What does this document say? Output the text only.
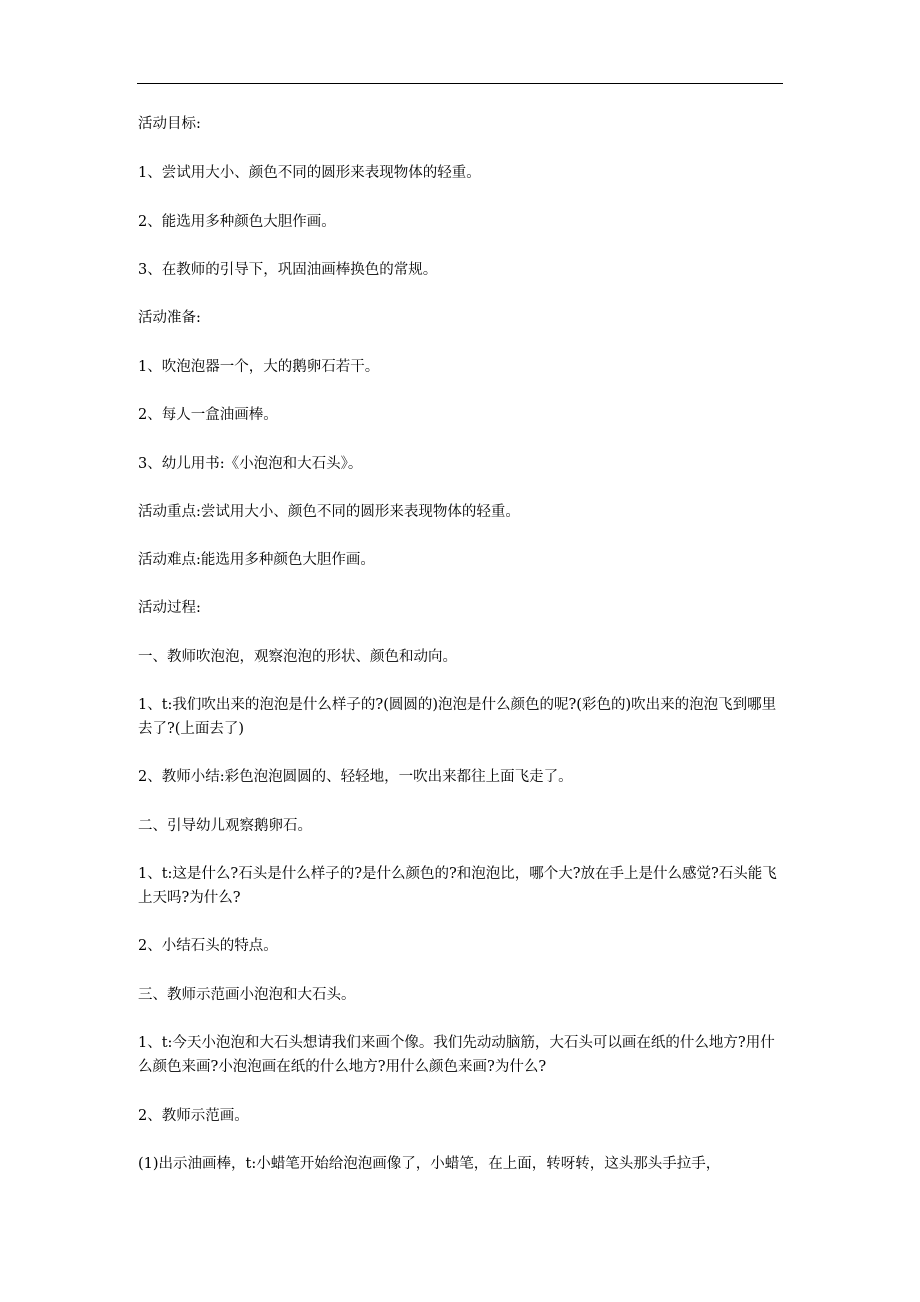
活动目标:

1、尝试用大小、颜色不同的圆形来表现物体的轻重。

2、能选用多种颜色大胆作画。

3、在教师的引导下，巩固油画棒换色的常规。

活动准备:

1、吹泡泡器一个，大的鹅卵石若干。

2、每人一盒油画棒。

3、幼儿用书:《小泡泡和大石头》。

活动重点:尝试用大小、颜色不同的圆形来表现物体的轻重。

活动难点:能选用多种颜色大胆作画。

活动过程:

一、教师吹泡泡，观察泡泡的形状、颜色和动向。

1、t:我们吹出来的泡泡是什么样子的?(圆圆的)泡泡是什么颜色的呢?(彩色的)吹出来的泡泡飞到哪里去了?(上面去了)

2、教师小结:彩色泡泡圆圆的、轻轻地，一吹出来都往上面飞走了。

二、引导幼儿观察鹅卵石。

1、t:这是什么?石头是什么样子的?是什么颜色的?和泡泡比，哪个大?放在手上是什么感觉?石头能飞上天吗?为什么?

2、小结石头的特点。

三、教师示范画小泡泡和大石头。

1、t:今天小泡泡和大石头想请我们来画个像。我们先动动脑筋，大石头可以画在纸的什么地方?用什么颜色来画?小泡泡画在纸的什么地方?用什么颜色来画?为什么?

2、教师示范画。

(1)出示油画棒，t:小蜡笔开始给泡泡画像了，小蜡笔，在上面，转呀转，这头那头手拉手，
